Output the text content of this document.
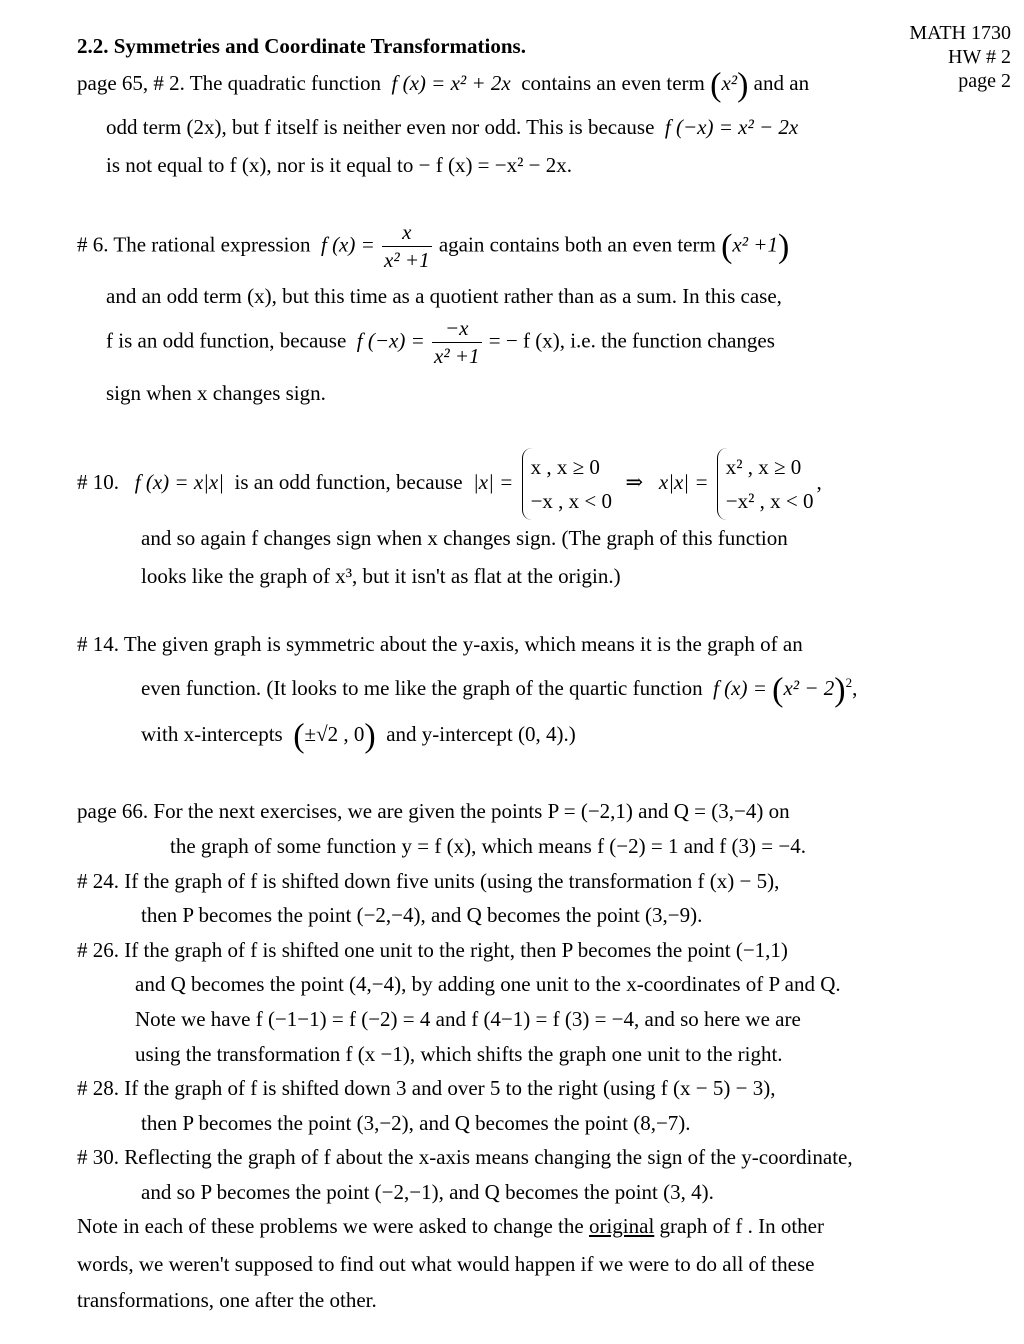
MATH 1730
HW # 2
page 2
2.2. Symmetries and Coordinate Transformations.
page 65, # 2. The quadratic function f (x) = x² + 2x contains an even term (x²) and an
odd term (2x), but f itself is neither even nor odd. This is because f (−x) = x² − 2x
is not equal to f (x), nor is it equal to − f (x) = −x² − 2x.
# 6. The rational expression f $(x) = \frac{x}{\text{x² +1}}$ again contains both an even term (x² +1)
and an odd term (x), but this time as a quotient rather than as a sum. In this case,
f is an odd function, because f $(-x) = \frac{-x}{\text{x² +1}}$ = − f (x), i.e. the function changes
sign when x changes sign.
# 10. f (x) = x|x| is an odd function, because |x| =
x , x ≥ 0
−x , x < 0
⇒ x|x| =
x² , x ≥ 0
−x² , x < 0
,
and so again f changes sign when x changes sign. (The graph of this function
looks like the graph of x³, but it isn't as flat at the origin.)
# 14. The given graph is symmetric about the y-axis, which means it is the graph of an
even function. (It looks to me like the graph of the quartic function f $(x) = (x^2 - 2)^2$,
with x-intercepts (±√2 , 0) and y-intercept (0, 4).)
page 66. For the next exercises, we are given the points P = (−2,1) and Q = (3,−4) on
the graph of some function y = f (x), which means f (−2) = 1 and f (3) = −4.
# 24. If the graph of f is shifted down five units (using the transformation f (x) − 5),
then P becomes the point (−2,−4), and Q becomes the point (3,−9).
# 26. If the graph of f is shifted one unit to the right, then P becomes the point (−1,1)
and Q becomes the point (4,−4), by adding one unit to the x-coordinates of P and Q.
Note we have f (−1−1) = f (−2) = 4 and f (4−1) = f (3) = −4, and so here we are
using the transformation f (x −1), which shifts the graph one unit to the right.
# 28. If the graph of f is shifted down 3 and over 5 to the right (using f (x − 5) − 3),
then P becomes the point (3,−2), and Q becomes the point (8,−7).
# 30. Reflecting the graph of f about the x-axis means changing the sign of the y-coordinate,
and so P becomes the point (−2,−1), and Q becomes the point (3, 4).
Note in each of these problems we were asked to change the original graph of f . In other
words, we weren't supposed to find out what would happen if we were to do all of these
transformations, one after the other.
